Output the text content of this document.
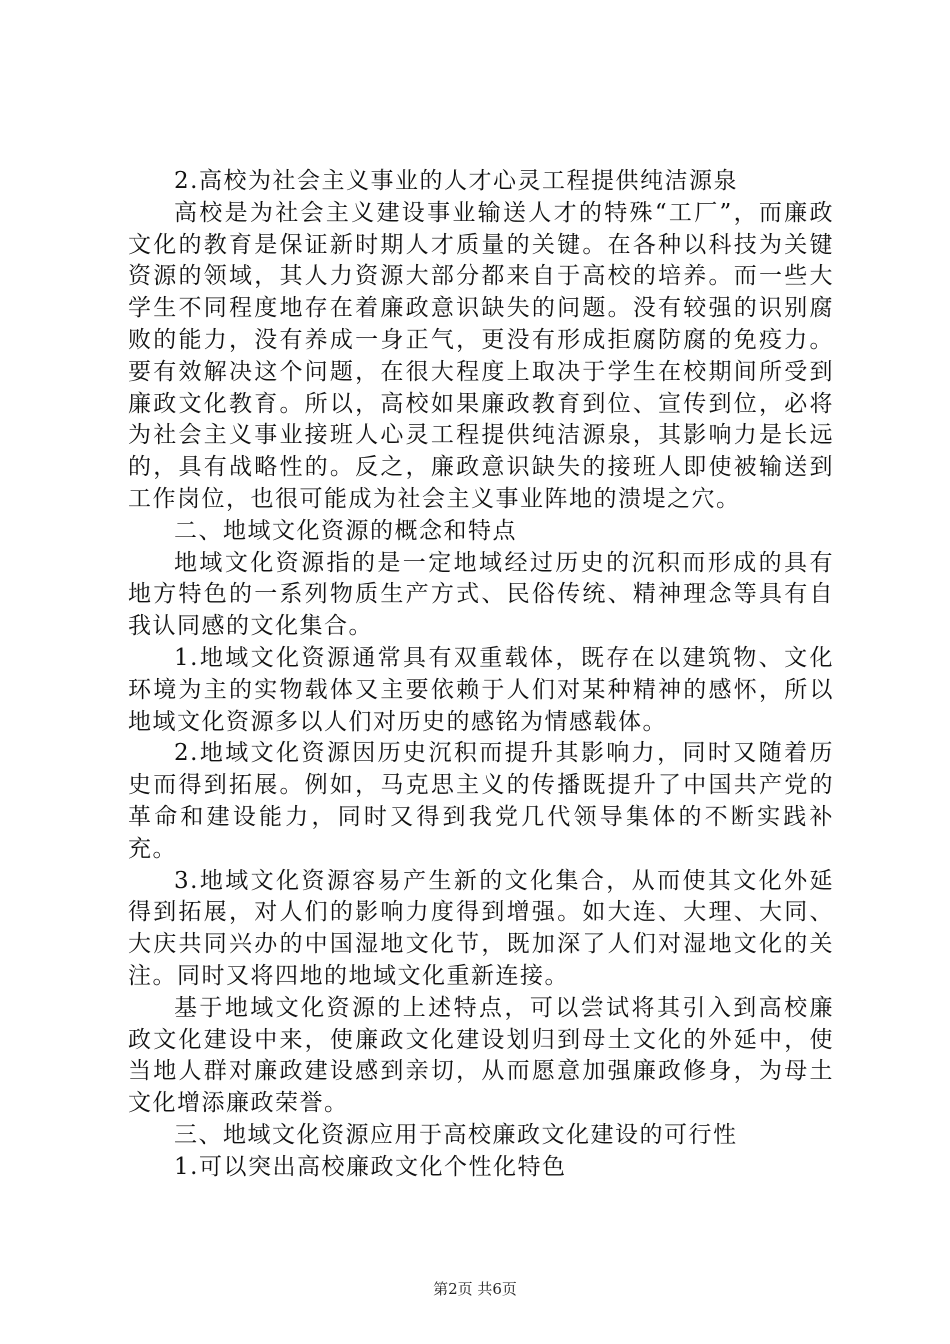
2.高校为社会主义事业的人才心灵工程提供纯洁源泉

高校是为社会主义建设事业输送人才的特殊“工厂”，而廉政文化的教育是保证新时期人才质量的关键。在各种以科技为关键资源的领域，其人力资源大部分都来自于高校的培养。而一些大学生不同程度地存在着廉政意识缺失的问题。没有较强的识别腐败的能力，没有养成一身正气，更没有形成拒腐防腐的免疫力。要有效解决这个问题，在很大程度上取决于学生在校期间所受到廉政文化教育。所以，高校如果廉政教育到位、宣传到位，必将为社会主义事业接班人心灵工程提供纯洁源泉，其影响力是长远的，具有战略性的。反之，廉政意识缺失的接班人即使被输送到工作岗位，也很可能成为社会主义事业阵地的溃堤之穴。

二、地域文化资源的概念和特点

地域文化资源指的是一定地域经过历史的沉积而形成的具有地方特色的一系列物质生产方式、民俗传统、精神理念等具有自我认同感的文化集合。

1.地域文化资源通常具有双重载体，既存在以建筑物、文化环境为主的实物载体又主要依赖于人们对某种精神的感怀，所以地域文化资源多以人们对历史的感铭为情感载体。

2.地域文化资源因历史沉积而提升其影响力，同时又随着历史而得到拓展。例如，马克思主义的传播既提升了中国共产党的革命和建设能力，同时又得到我党几代领导集体的不断实践补充。

3.地域文化资源容易产生新的文化集合，从而使其文化外延得到拓展，对人们的影响力度得到增强。如大连、大理、大同、大庆共同兴办的中国湿地文化节，既加深了人们对湿地文化的关注。同时又将四地的地域文化重新连接。

基于地域文化资源的上述特点，可以尝试将其引入到高校廉政文化建设中来，使廉政文化建设划归到母土文化的外延中，使当地人群对廉政建设感到亲切，从而愿意加强廉政修身，为母土文化增添廉政荣誉。

三、地域文化资源应用于高校廉政文化建设的可行性

1.可以突出高校廉政文化个性化特色

第2页 共6页
